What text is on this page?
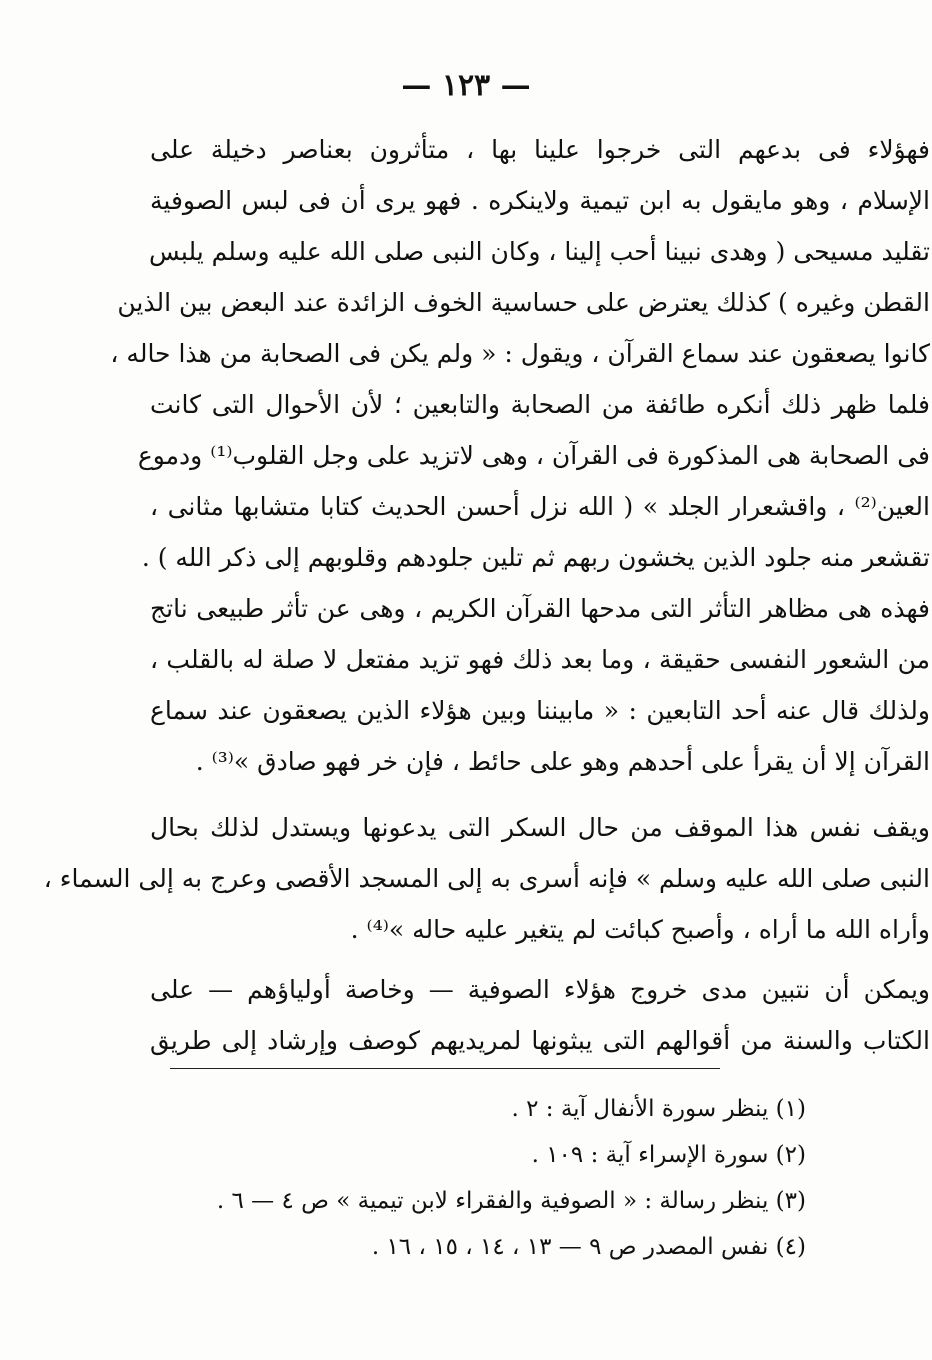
— ١٢٣ —
فهؤلاء فى بدعهم التى خرجوا علينا بها ، متأثرون بعناصر دخيلة على
الإسلام ، وهو مايقول به ابن تيمية ولاينكره . فهو يرى أن فى لبس الصوفية
تقليد مسيحى ( وهدى نبينا أحب إلينا ، وكان النبى صلى الله عليه وسلم يلبس
القطن وغيره ) كذلك يعترض على حساسية الخوف الزائدة عند البعض بين الذين
كانوا يصعقون عند سماع القرآن ، ويقول : « ولم يكن فى الصحابة من هذا حاله ،
فلما ظهر ذلك أنكره طائفة من الصحابة والتابعين ؛ لأن الأحوال التى كانت
فى الصحابة هى المذكورة فى القرآن ، وهى لاتزيد على وجل القلوب⁽¹⁾ ودموع
العين⁽²⁾ ، واقشعرار الجلد » ( الله نزل أحسن الحديث كتابا متشابها مثانى ،
تقشعر منه جلود الذين يخشون ربهم ثم تلين جلودهم وقلوبهم إلى ذكر الله ) .
فهذه هى مظاهر التأثر التى مدحها القرآن الكريم ، وهى عن تأثر طبيعى ناتج
من الشعور النفسى حقيقة ، وما بعد ذلك فهو تزيد مفتعل لا صلة له بالقلب ،
ولذلك قال عنه أحد التابعين : « مابيننا وبين هؤلاء الذين يصعقون عند سماع
القرآن إلا أن يقرأ على أحدهم وهو على حائط ، فإن خر فهو صادق »⁽³⁾ .
ويقف نفس هذا الموقف من حال السكر التى يدعونها ويستدل لذلك بحال
النبى صلى الله عليه وسلم » فإنه أسرى به إلى المسجد الأقصى وعرج به إلى السماء ،
وأراه الله ما أراه ، وأصبح كبائت لم يتغير عليه حاله »⁽⁴⁾ .
ويمكن أن نتبين مدى خروج هؤلاء الصوفية — وخاصة أولياؤهم — على
الكتاب والسنة من أقوالهم التى يبثونها لمريديهم كوصف وإرشاد إلى طريق
(١) ينظر سورة الأنفال آية : ٢ .
(٢) سورة الإسراء آية : ١٠٩ .
(٣) ينظر رسالة : « الصوفية والفقراء لابن تيمية » ص ٤ — ٦ .
(٤) نفس المصدر ص ٩ — ١٣ ، ١٤ ، ١٥ ، ١٦ .
